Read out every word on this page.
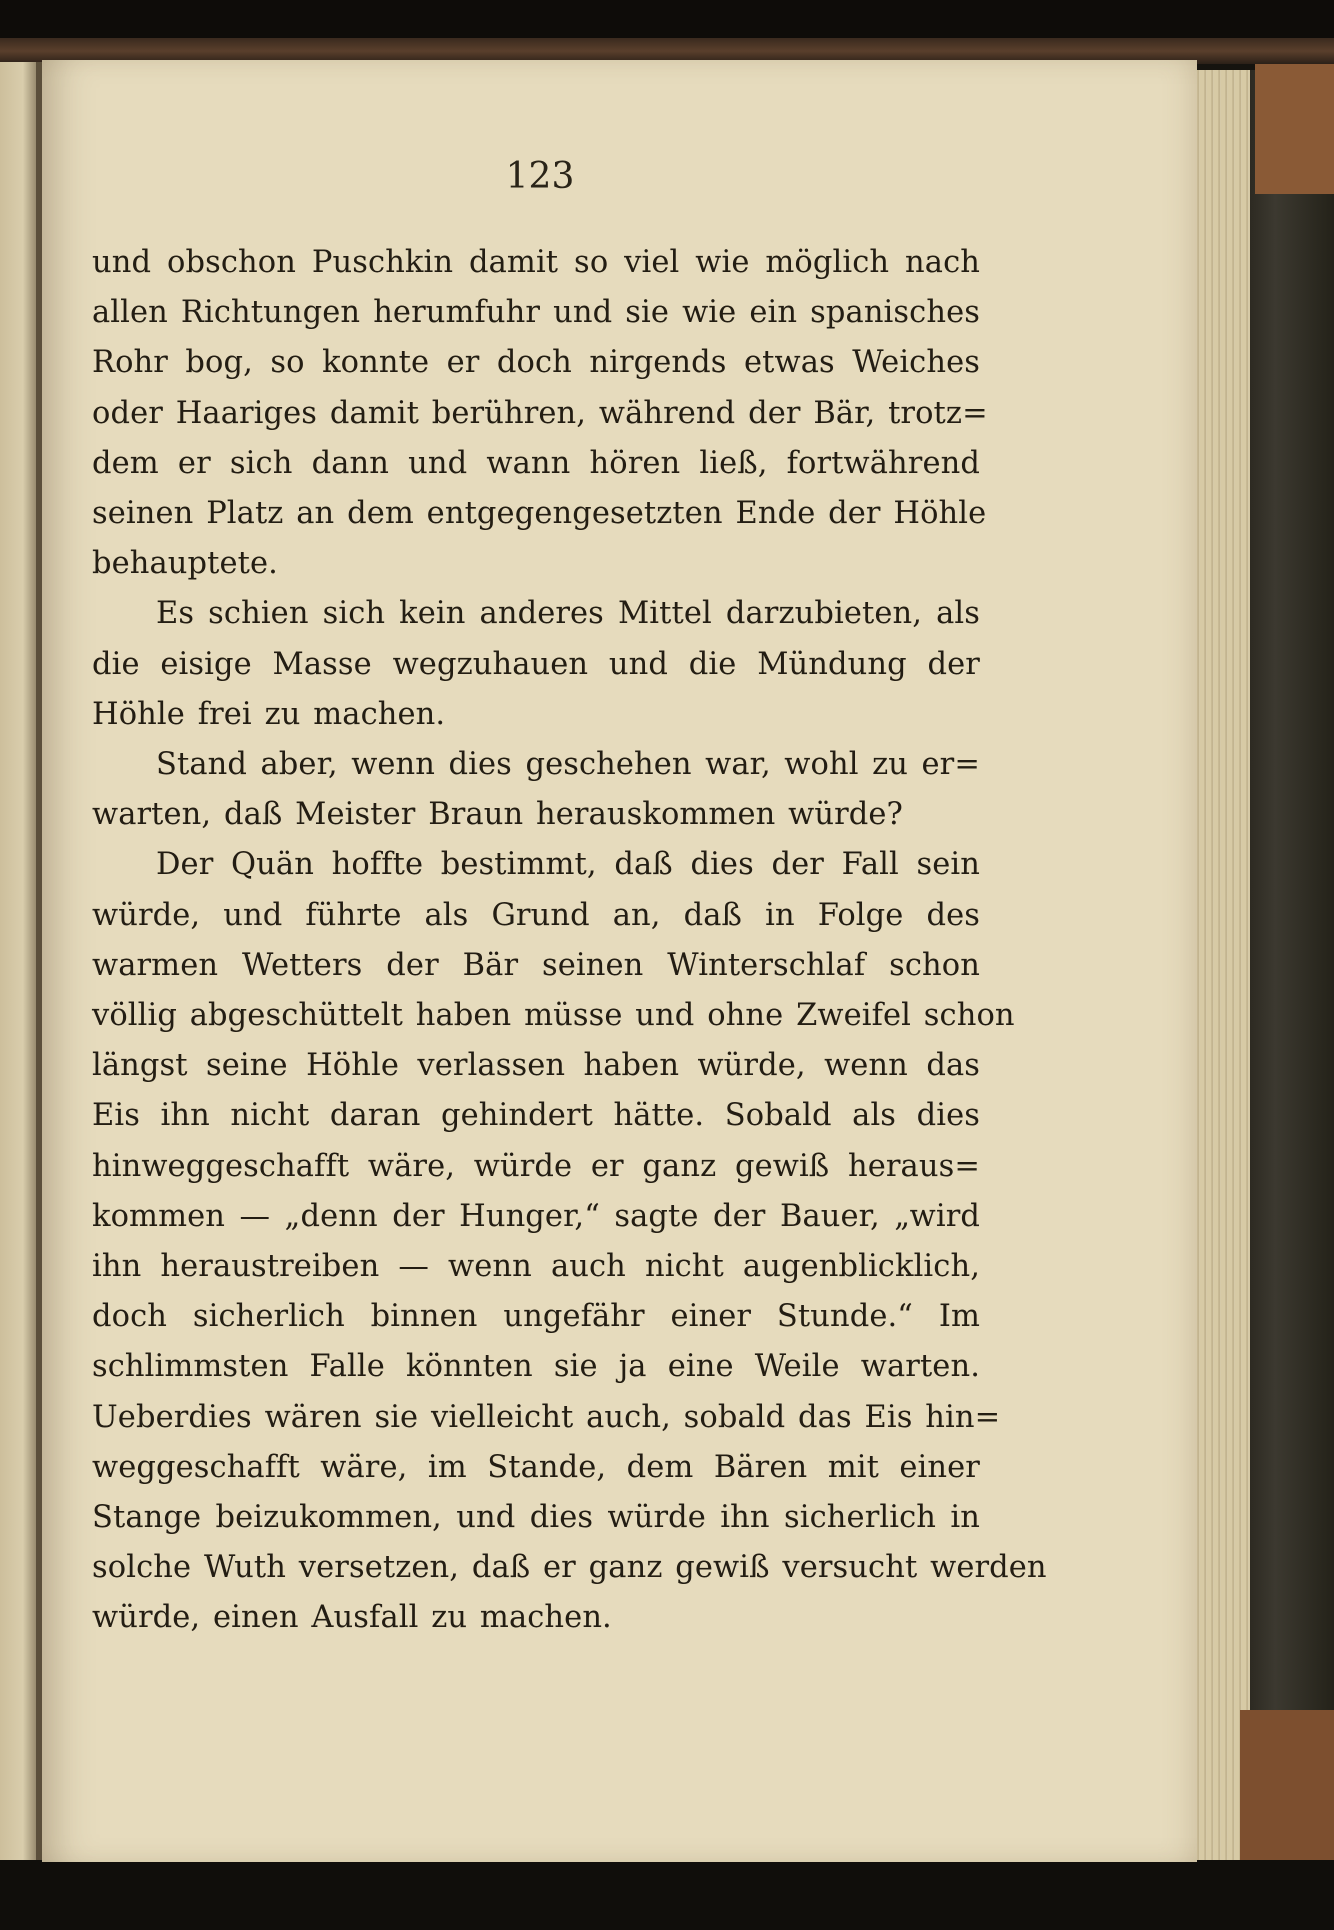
123
und obschon Puschkin damit so viel wie möglich nach
allen Richtungen herumfuhr und sie wie ein spanisches
Rohr bog, so konnte er doch nirgends etwas Weiches
oder Haariges damit berühren, während der Bär, trotz=
dem er sich dann und wann hören ließ, fortwährend
seinen Platz an dem entgegengesetzten Ende der Höhle
behauptete.
Es schien sich kein anderes Mittel darzubieten, als
die eisige Masse wegzuhauen und die Mündung der
Höhle frei zu machen.
Stand aber, wenn dies geschehen war, wohl zu er=
warten, daß Meister Braun herauskommen würde?
Der Quän hoffte bestimmt, daß dies der Fall sein
würde, und führte als Grund an, daß in Folge des
warmen Wetters der Bär seinen Winterschlaf schon
völlig abgeschüttelt haben müsse und ohne Zweifel schon
längst seine Höhle verlassen haben würde, wenn das
Eis ihn nicht daran gehindert hätte. Sobald als dies
hinweggeschafft wäre, würde er ganz gewiß heraus=
kommen — „denn der Hunger,“ sagte der Bauer, „wird
ihn heraustreiben — wenn auch nicht augenblicklich,
doch sicherlich binnen ungefähr einer Stunde.“ Im
schlimmsten Falle könnten sie ja eine Weile warten.
Ueberdies wären sie vielleicht auch, sobald das Eis hin=
weggeschafft wäre, im Stande, dem Bären mit einer
Stange beizukommen, und dies würde ihn sicherlich in
solche Wuth versetzen, daß er ganz gewiß versucht werden
würde, einen Ausfall zu machen.
